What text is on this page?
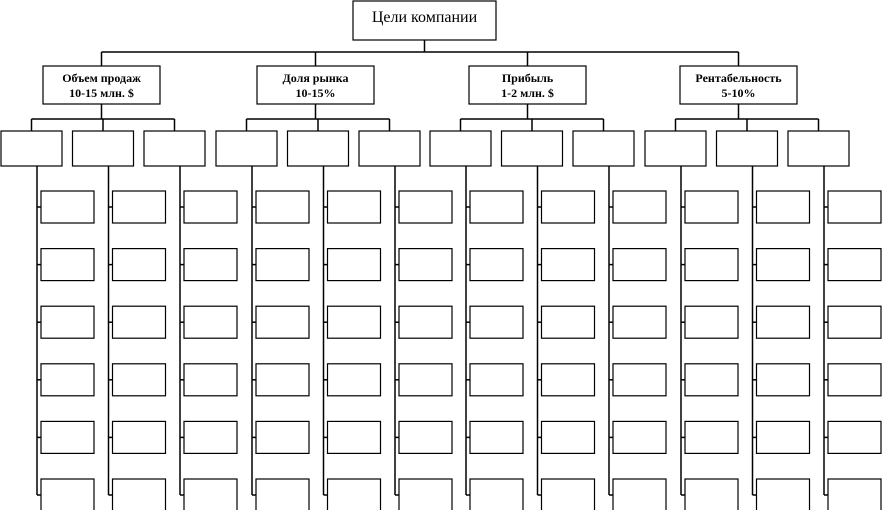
Цели компании
Объем продаж
10-15 млн. $
Доля рынка
10-15%
Прибыль
1-2 млн. $
Рентабельность
5-10%
